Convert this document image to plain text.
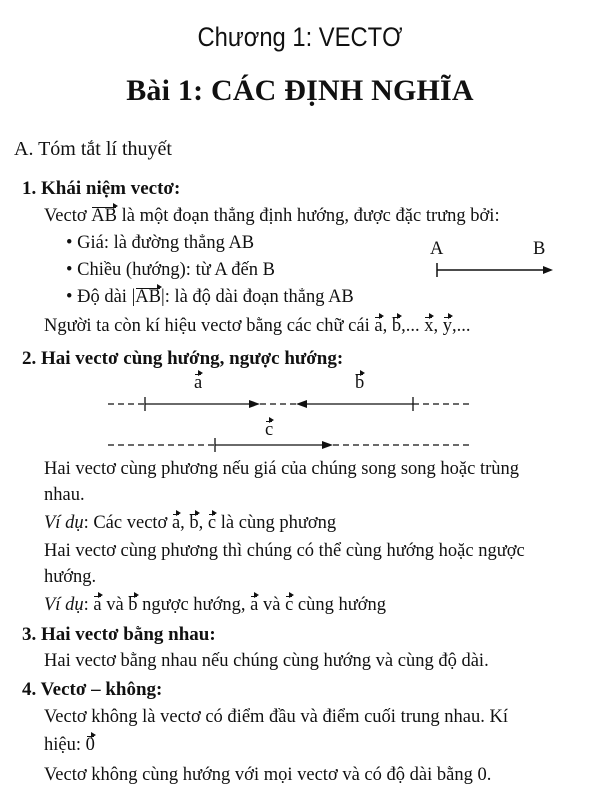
Chương 1: VECTƠ
Bài 1: CÁC ĐỊNH NGHĨA
A. Tóm tắt lí thuyết
1. Khái niệm vectơ:
Vectơ AB là một đoạn thẳng định hướng, được đặc trưng bởi:
• Giá: là đường thẳng AB
• Chiều (hướng): từ A đến B
• Độ dài |AB|: là độ dài đoạn thẳng AB
Người ta còn kí hiệu vectơ bằng các chữ cái a, b,... x, y,...
A	B
2. Hai vectơ cùng hướng, ngược hướng:
a	b
c
Hai vectơ cùng phương nếu giá của chúng song song hoặc trùng
nhau.
Ví dụ: Các vectơ a, b, c là cùng phương
Hai vectơ cùng phương thì chúng có thể cùng hướng hoặc ngược
hướng.
Ví dụ: a và b ngược hướng, a và c cùng hướng
3. Hai vectơ bằng nhau:
Hai vectơ bằng nhau nếu chúng cùng hướng và cùng độ dài.
4. Vectơ – không:
Vectơ không là vectơ có điểm đầu và điểm cuối trung nhau. Kí
hiệu: 0
Vectơ không cùng hướng với mọi vectơ và có độ dài bằng 0.
